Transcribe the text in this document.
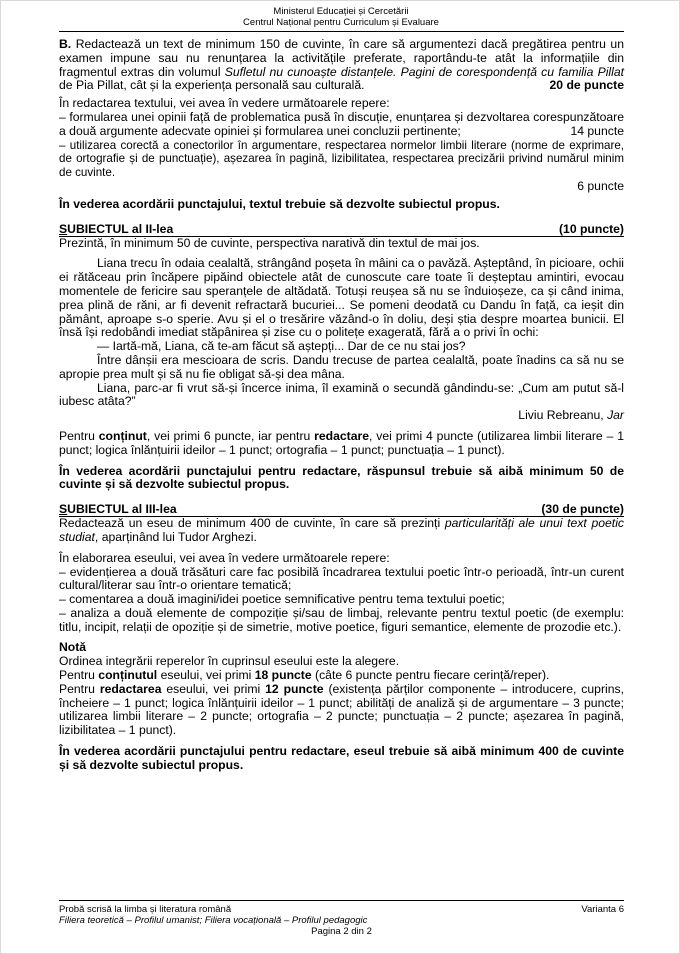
Ministerul Educației și Cercetării
Centrul Național pentru Curriculum și Evaluare

B. Redactează un text de minimum 150 de cuvinte, în care să argumentezi dacă pregătirea pentru un examen impune sau nu renunțarea la activitățile preferate, raportându-te atât la informațiile din fragmentul extras din volumul Sufletul nu cunoaște distanțele. Pagini de corespondență cu familia Pillat de Pia Pillat, cât și la experiența personală sau culturală.	20 de puncte

În redactarea textului, vei avea în vedere următoarele repere:

– formularea unei opinii față de problematica pusă în discuție, enunțarea și dezvoltarea corespunzătoare a două argumente adecvate opiniei și formularea unei concluzii pertinente;	14 puncte

– utilizarea corectă a conectorilor în argumentare, respectarea normelor limbii literare (norme de exprimare, de ortografie și de punctuație), așezarea în pagină, lizibilitatea, respectarea precizării privind numărul minim de cuvinte.

6 puncte

În vederea acordării punctajului, textul trebuie să dezvolte subiectul propus.

SUBIECTUL al II-lea	(10 puncte)

Prezintă, în minimum 50 de cuvinte, perspectiva narativă din textul de mai jos.

Liana trecu în odaia cealaltă, strângând poșeta în mâini ca o pavăză. Așteptând, în picioare, ochii ei rătăceau prin încăpere pipăind obiectele atât de cunoscute care toate îi deșteptau amintiri, evocau momentele de fericire sau speranțele de altădată. Totuși reușea să nu se înduioșeze, ca și când inima, prea plină de răni, ar fi devenit refractară bucuriei... Se pomeni deodată cu Dandu în față, ca ieșit din pământ, aproape s-o sperie. Avu și el o tresărire văzând-o în doliu, deși știa despre moartea bunicii. El însă își redobândi imediat stăpânirea și zise cu o politețe exagerată, fără a o privi în ochi:

— Iartă-mă, Liana, că te-am făcut să aștepți... Dar de ce nu stai jos?

Între dânșii era mescioara de scris. Dandu trecuse de partea cealaltă, poate înadins ca să nu se apropie prea mult și să nu fie obligat să-și dea mâna.

Liana, parc-ar fi vrut să-și încerce inima, îl examină o secundă gândindu-se: „Cum am putut să-l iubesc atâta?”

Liviu Rebreanu, Jar

Pentru conținut, vei primi 6 puncte, iar pentru redactare, vei primi 4 puncte (utilizarea limbii literare – 1 punct; logica înlănțuirii ideilor – 1 punct; ortografia – 1 punct; punctuația – 1 punct).

În vederea acordării punctajului pentru redactare, răspunsul trebuie să aibă minimum 50 de cuvinte și să dezvolte subiectul propus.

SUBIECTUL al III-lea	(30 de puncte)

Redactează un eseu de minimum 400 de cuvinte, în care să prezinți particularități ale unui text poetic studiat, aparținând lui Tudor Arghezi.

În elaborarea eseului, vei avea în vedere următoarele repere:

– evidențierea a două trăsături care fac posibilă încadrarea textului poetic într-o perioadă, într-un curent cultural/literar sau într-o orientare tematică;

– comentarea a două imagini/idei poetice semnificative pentru tema textului poetic;

– analiza a două elemente de compoziție și/sau de limbaj, relevante pentru textul poetic (de exemplu: titlu, incipit, relații de opoziție și de simetrie, motive poetice, figuri semantice, elemente de prozodie etc.).

Notă

Ordinea integrării reperelor în cuprinsul eseului este la alegere.

Pentru conținutul eseului, vei primi 18 puncte (câte 6 puncte pentru fiecare cerință/reper).

Pentru redactarea eseului, vei primi 12 puncte (existența părților componente – introducere, cuprins, încheiere – 1 punct; logica înlănțuirii ideilor – 1 punct; abilități de analiză și de argumentare – 3 puncte; utilizarea limbii literare – 2 puncte; ortografia – 2 puncte; punctuația – 2 puncte; așezarea în pagină, lizibilitatea – 1 punct).

În vederea acordării punctajului pentru redactare, eseul trebuie să aibă minimum 400 de cuvinte și să dezvolte subiectul propus.

.
Probă scrisă la limba și literatura română	Varianta 6
Filiera teoretică – Profilul umanist; Filiera vocațională – Profilul pedagogic
Pagina 2 din 2
